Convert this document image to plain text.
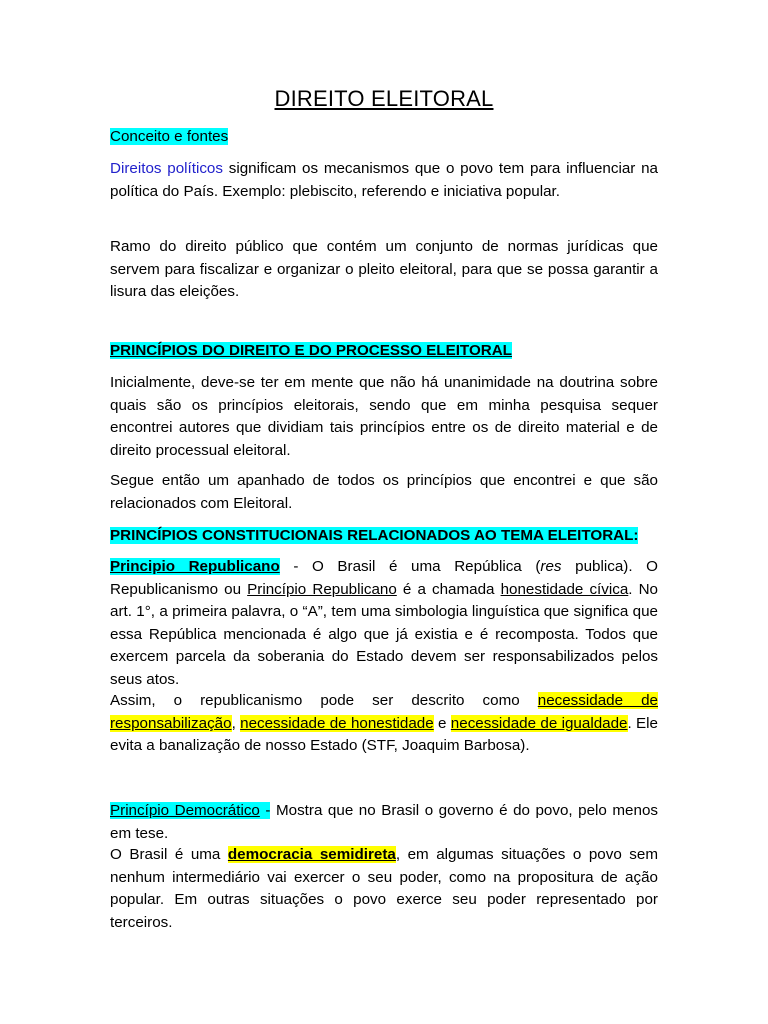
DIREITO ELEITORAL
Conceito e fontes
Direitos políticos significam os mecanismos que o povo tem para influenciar na política do País. Exemplo: plebiscito, referendo e iniciativa popular.
Ramo do direito público que contém um conjunto de normas jurídicas que servem para fiscalizar e organizar o pleito eleitoral, para que se possa garantir a lisura das eleições.
PRINCÍPIOS DO DIREITO E DO PROCESSO ELEITORAL
Inicialmente, deve-se ter em mente que não há unanimidade na doutrina sobre quais são os princípios eleitorais, sendo que em minha pesquisa sequer encontrei autores que dividiam tais princípios entre os de direito material e de direito processual eleitoral.
Segue então um apanhado de todos os princípios que encontrei e que são relacionados com Eleitoral.
PRINCÍPIOS CONSTITUCIONAIS RELACIONADOS AO TEMA ELEITORAL:
Principio Republicano - O Brasil é uma República (res publica). O Republicanismo ou Princípio Republicano é a chamada honestidade cívica. No art. 1°, a primeira palavra, o “A”, tem uma simbologia linguística que significa que essa República mencionada é algo que já existia e é recomposta. Todos que exercem parcela da soberania do Estado devem ser responsabilizados pelos seus atos.
Assim, o republicanismo pode ser descrito como necessidade de responsabilização, necessidade de honestidade e necessidade de igualdade. Ele evita a banalização de nosso Estado (STF, Joaquim Barbosa).
Princípio Democrático - Mostra que no Brasil o governo é do povo, pelo menos em tese.
O Brasil é uma democracia semidireta, em algumas situações o povo sem nenhum intermediário vai exercer o seu poder, como na propositura de ação popular. Em outras situações o povo exerce seu poder representado por terceiros.
